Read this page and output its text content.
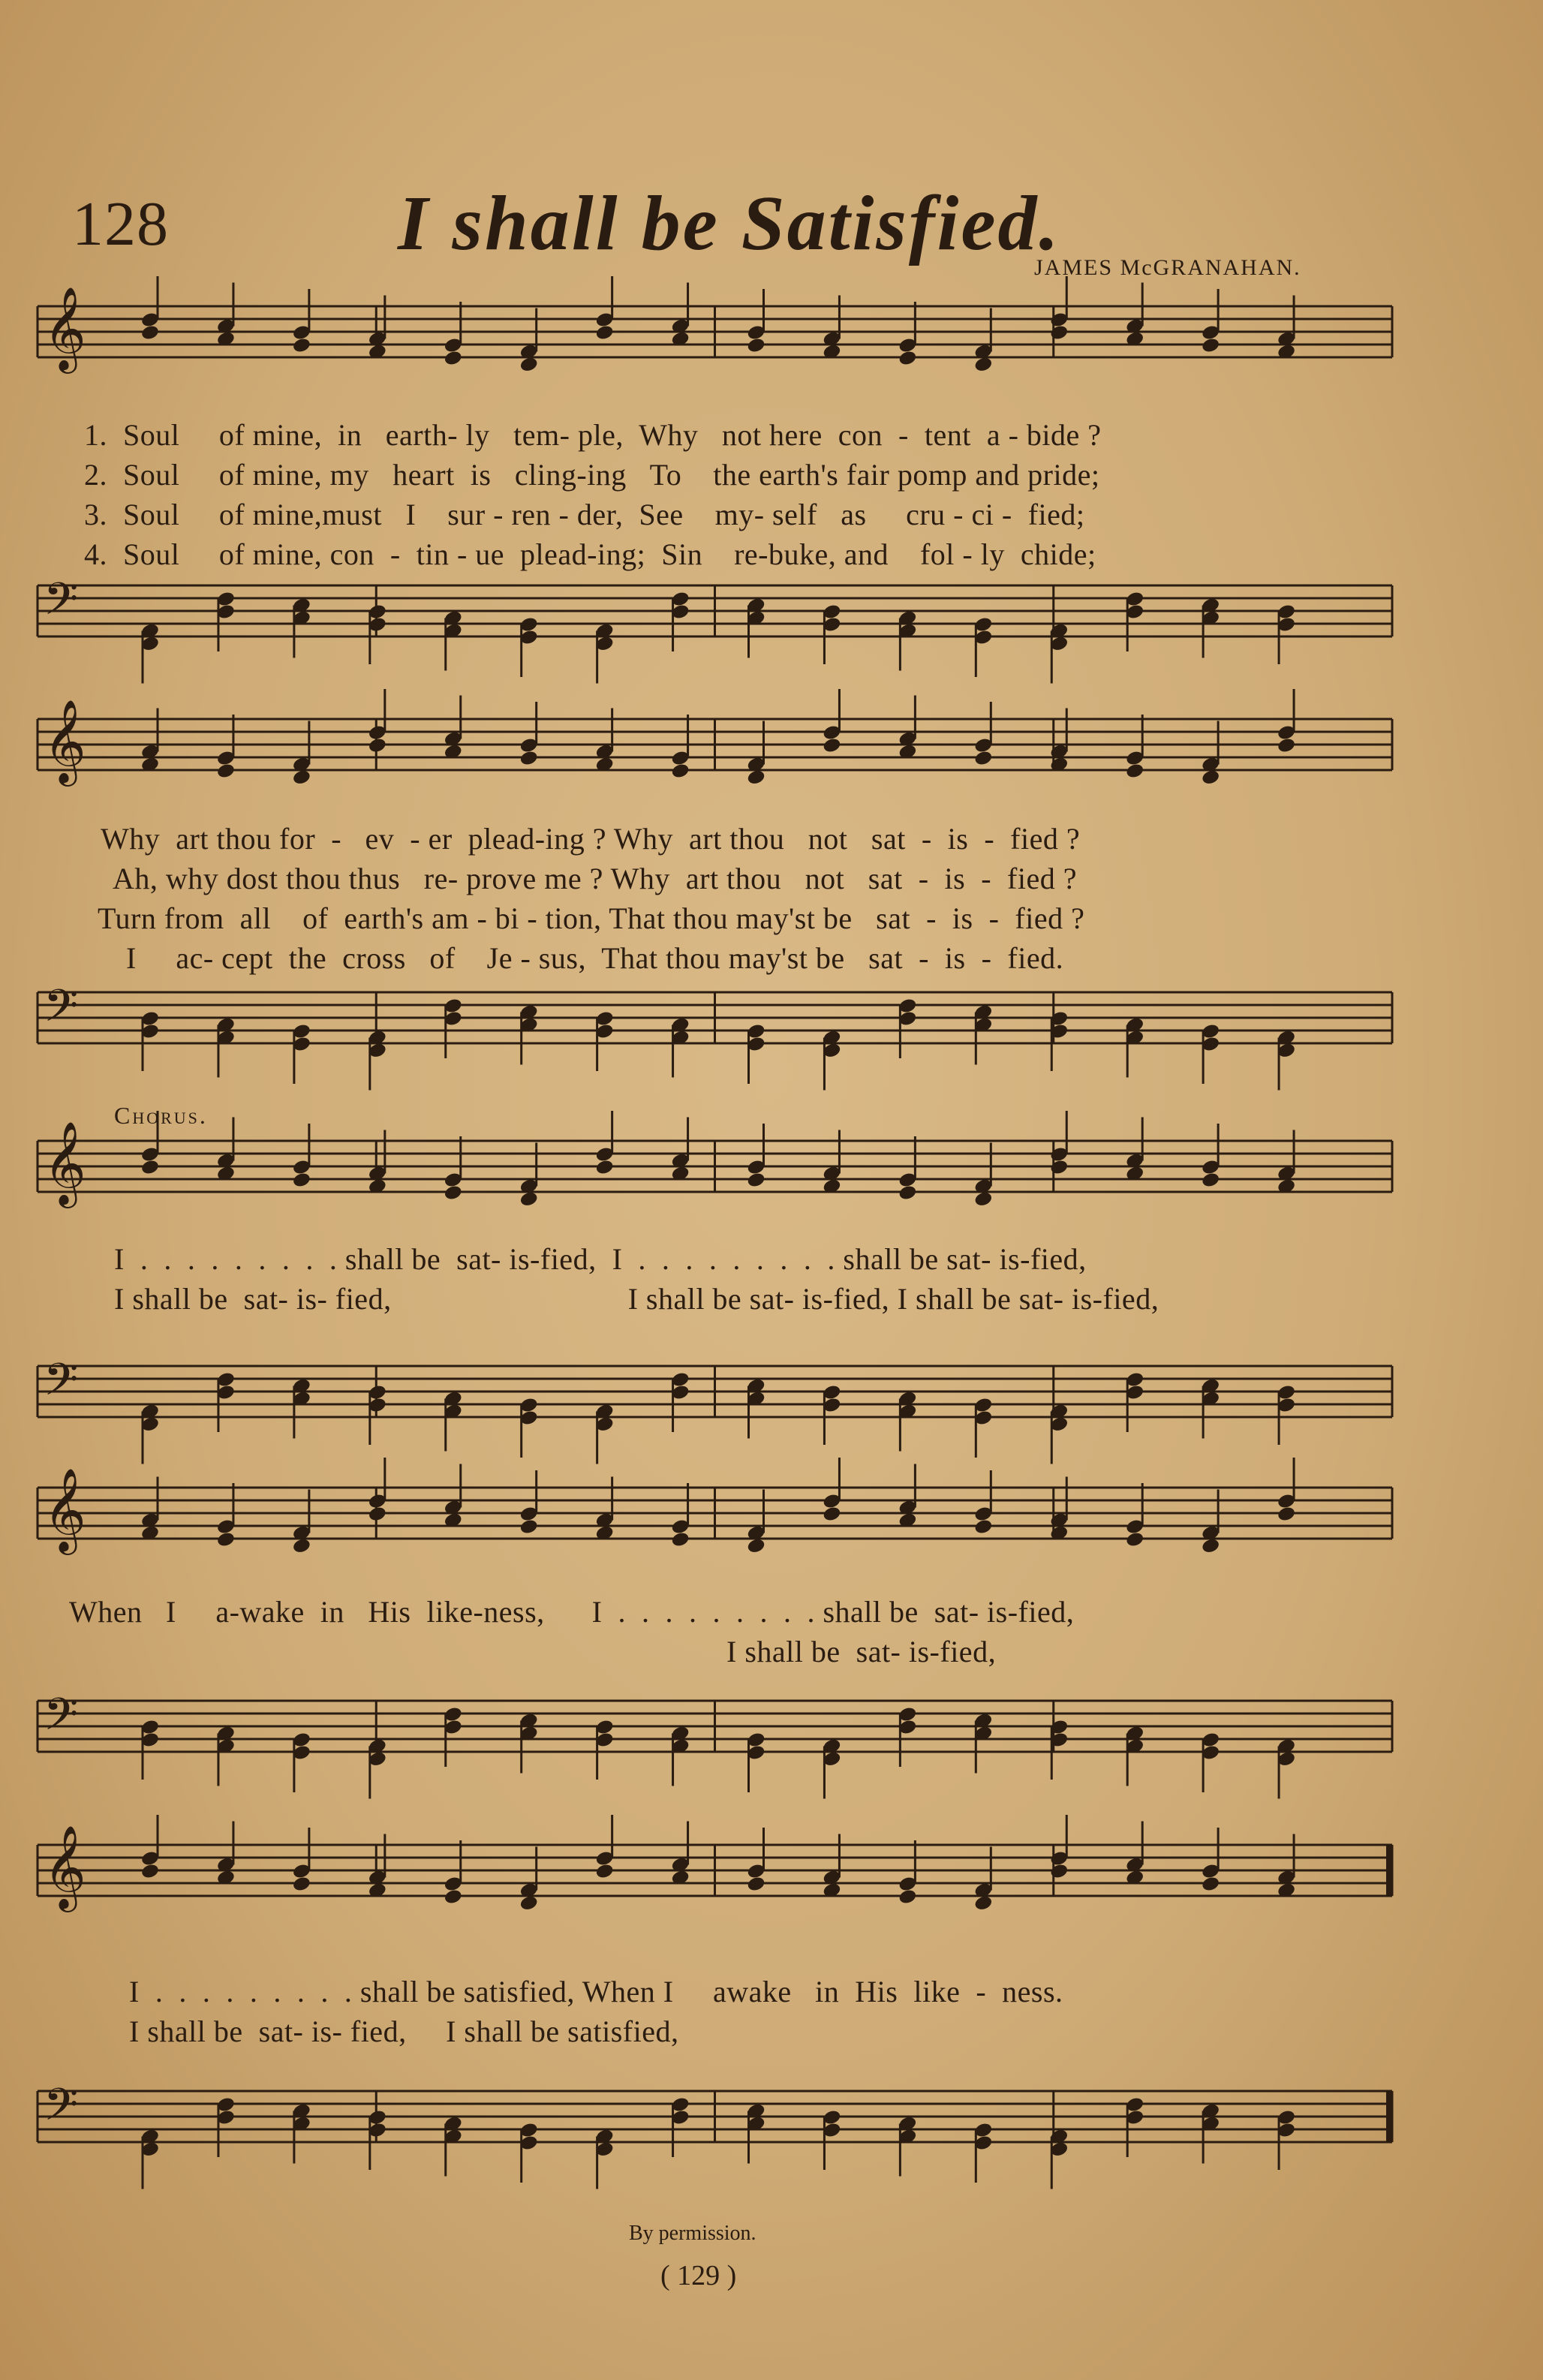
128	I shall be Satisfied.
JAMES McGRANAHAN.
𝄞
𝄢
𝄞
𝄢
𝄞
𝄢
𝄞
𝄢
𝄞
𝄢
1.  Soul     of mine,  in   earth- ly   tem- ple,  Why   not here  con  -  tent  a - bide ?
2.  Soul     of mine, my   heart  is   cling-ing   To    the earth's fair pomp and pride;
3.  Soul     of mine,must   I    sur - ren - der,  See    my- self   as     cru - ci -  fied;
4.  Soul     of mine, con  -  tin - ue  plead-ing;  Sin    re-buke, and    fol - ly  chide;
Why  art thou for  -   ev  - er  plead-ing ? Why  art thou   not   sat  -  is  -  fied ?
Ah, why dost thou thus   re- prove me ? Why  art thou   not   sat  -  is  -  fied ?
Turn from  all    of  earth's am - bi - tion, That thou may'st be   sat  -  is  -  fied ?
I     ac- cept  the  cross   of    Je - sus,  That thou may'st be   sat  -  is  -  fied.
Chorus.
I  .  .  .  .  .  .  .  .  . shall be  sat- is-fied,  I  .  .  .  .  .  .  .  .  . shall be sat- is-fied,
I shall be  sat- is- fied,                              I shall be sat- is-fied, I shall be sat- is-fied,
When   I     a-wake  in   His  like-ness,      I  .  .  .  .  .  .  .  .  . shall be  sat- is-fied,
I shall be  sat- is-fied,
I  .  .  .  .  .  .  .  .  . shall be satisfied, When I     awake   in  His  like  -  ness.
I shall be  sat- is- fied,     I shall be satisfied,
By permission.
( 129 )
